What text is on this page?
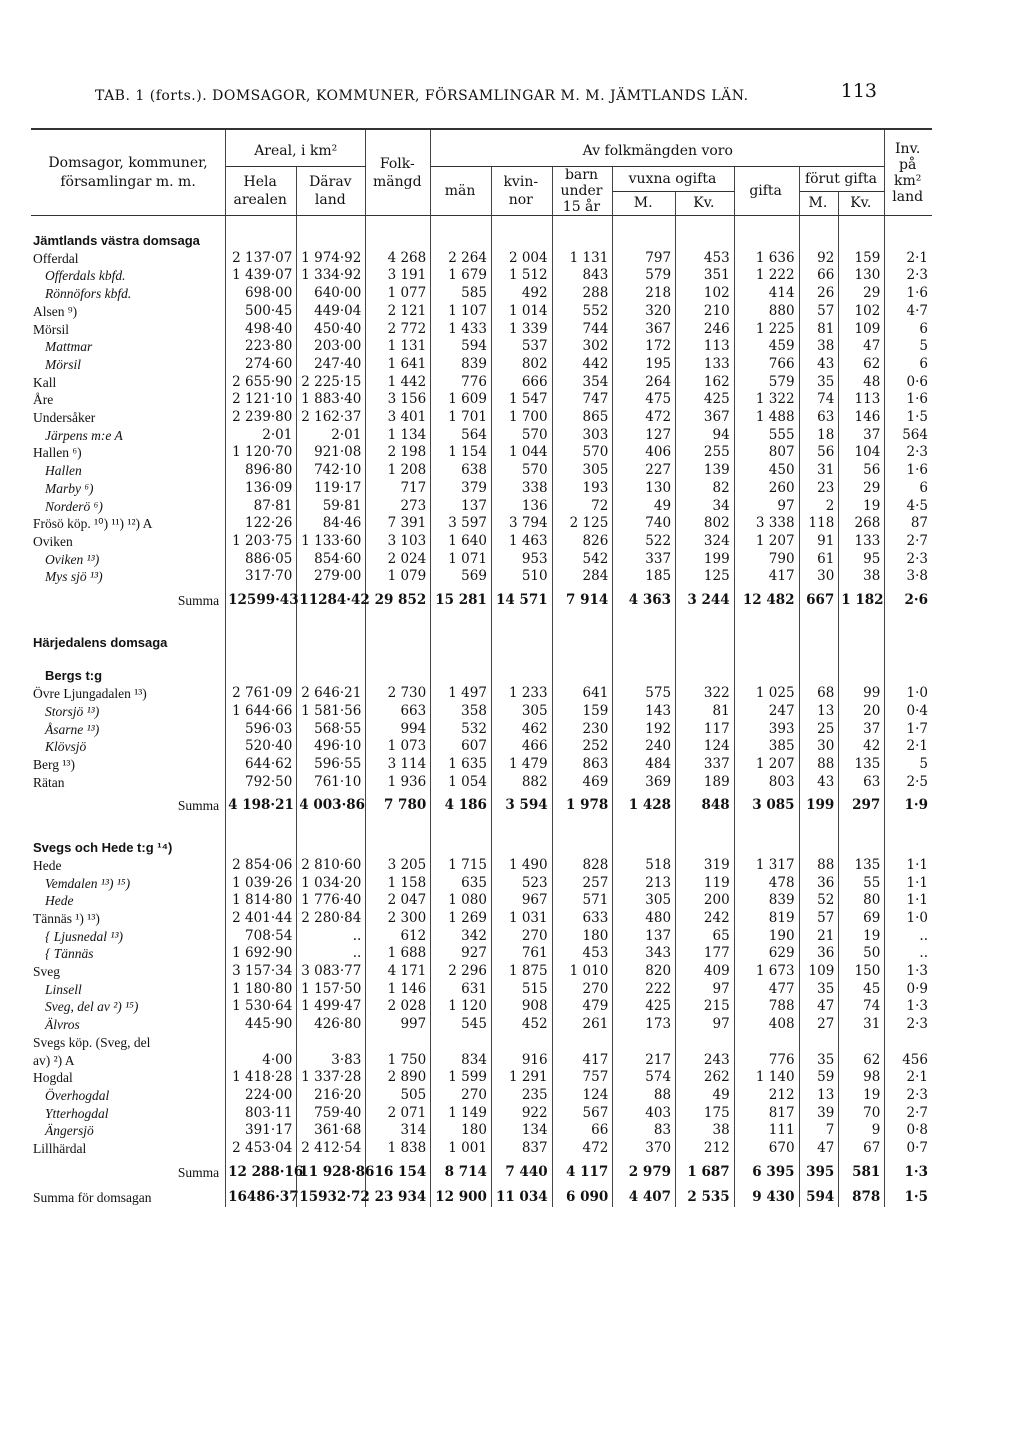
TAB. 1 (forts.). DOMSAGOR, KOMMUNER, FÖRSAMLINGAR M. M. JÄMTLANDS LÄN.	113
Domsagor, kommuner, församlingar m. m.	Areal, i km²		Folk-mängd	Av folkmängden voro								Inv. på km² land
	Hela arealen	Därav land		män	kvin-nor	barn under 15 år	vuxna ogifta		gifta	förut gifta		
							M.	Kv.		M.	Kv.	

Jämtlands västra domsaga												
Offerdal	2 137·07	1 974·92	4 268	2 264	2 004	1 131	797	453	1 636	92	159	2·1
Offerdals kbfd.	1 439·07	1 334·92	3 191	1 679	1 512	843	579	351	1 222	66	130	2·3
Rönnöfors kbfd.	698·00	640·00	1 077	585	492	288	218	102	414	26	29	1·6
Alsen ⁹)	500·45	449·04	2 121	1 107	1 014	552	320	210	880	57	102	4·7
Mörsil	498·40	450·40	2 772	1 433	1 339	744	367	246	1 225	81	109	6
Mattmar	223·80	203·00	1 131	594	537	302	172	113	459	38	47	5
Mörsil	274·60	247·40	1 641	839	802	442	195	133	766	43	62	6
Kall	2 655·90	2 225·15	1 442	776	666	354	264	162	579	35	48	0·6
Åre	2 121·10	1 883·40	3 156	1 609	1 547	747	475	425	1 322	74	113	1·6
Undersåker	2 239·80	2 162·37	3 401	1 701	1 700	865	472	367	1 488	63	146	1·5
Järpens m:e A	2·01	2·01	1 134	564	570	303	127	94	555	18	37	564
Hallen ⁶)	1 120·70	921·08	2 198	1 154	1 044	570	406	255	807	56	104	2·3
Hallen	896·80	742·10	1 208	638	570	305	227	139	450	31	56	1·6
Marby ⁶)	136·09	119·17	717	379	338	193	130	82	260	23	29	6
Norderö ⁶)	87·81	59·81	273	137	136	72	49	34	97	2	19	4·5
Frösö köp. ¹⁰) ¹¹) ¹²) A	122·26	84·46	7 391	3 597	3 794	2 125	740	802	3 338	118	268	87
Oviken	1 203·75	1 133·60	3 103	1 640	1 463	826	522	324	1 207	91	133	2·7
Oviken ¹³)	886·05	854·60	2 024	1 071	953	542	337	199	790	61	95	2·3
Mys sjö ¹³)	317·70	279·00	1 079	569	510	284	185	125	417	30	38	3·8
Summa	12599·43	11284·42	29 852	15 281	14 571	7 914	4 363	3 244	12 482	667	1 182	2·6

Härjedalens domsaga												

Bergs t:g												
Övre Ljungadalen ¹³)	2 761·09	2 646·21	2 730	1 497	1 233	641	575	322	1 025	68	99	1·0
Storsjö ¹³)	1 644·66	1 581·56	663	358	305	159	143	81	247	13	20	0·4
Åsarne ¹³)	596·03	568·55	994	532	462	230	192	117	393	25	37	1·7
Klövsjö	520·40	496·10	1 073	607	466	252	240	124	385	30	42	2·1
Berg ¹³)	644·62	596·55	3 114	1 635	1 479	863	484	337	1 207	88	135	5
Rätan	792·50	761·10	1 936	1 054	882	469	369	189	803	43	63	2·5
Summa	4 198·21	4 003·86	7 780	4 186	3 594	1 978	1 428	848	3 085	199	297	1·9

Svegs och Hede t:g ¹⁴)												
Hede	2 854·06	2 810·60	3 205	1 715	1 490	828	518	319	1 317	88	135	1·1
Vemdalen ¹³) ¹⁵)	1 039·26	1 034·20	1 158	635	523	257	213	119	478	36	55	1·1
Hede	1 814·80	1 776·40	2 047	1 080	967	571	305	200	839	52	80	1·1
Tännäs ¹) ¹³)	2 401·44	2 280·84	2 300	1 269	1 031	633	480	242	819	57	69	1·0
{ Ljusnedal ¹³)	708·54	..	612	342	270	180	137	65	190	21	19	..
{ Tännäs	1 692·90	..	1 688	927	761	453	343	177	629	36	50	..
Sveg	3 157·34	3 083·77	4 171	2 296	1 875	1 010	820	409	1 673	109	150	1·3
Linsell	1 180·80	1 157·50	1 146	631	515	270	222	97	477	35	45	0·9
Sveg, del av ²) ¹⁵)	1 530·64	1 499·47	2 028	1 120	908	479	425	215	788	47	74	1·3
Älvros	445·90	426·80	997	545	452	261	173	97	408	27	31	2·3
Svegs köp. (Sveg, del												
av) ²) A	4·00	3·83	1 750	834	916	417	217	243	776	35	62	456
Hogdal	1 418·28	1 337·28	2 890	1 599	1 291	757	574	262	1 140	59	98	2·1
Överhogdal	224·00	216·20	505	270	235	124	88	49	212	13	19	2·3
Ytterhogdal	803·11	759·40	2 071	1 149	922	567	403	175	817	39	70	2·7
Ängersjö	391·17	361·68	314	180	134	66	83	38	111	7	9	0·8
Lillhärdal	2 453·04	2 412·54	1 838	1 001	837	472	370	212	670	47	67	0·7
Summa	12 288·16	11 928·86	16 154	8 714	7 440	4 117	2 979	1 687	6 395	395	581	1·3
Summa för domsagan	16486·37	15932·72	23 934	12 900	11 034	6 090	4 407	2 535	9 430	594	878	1·5
